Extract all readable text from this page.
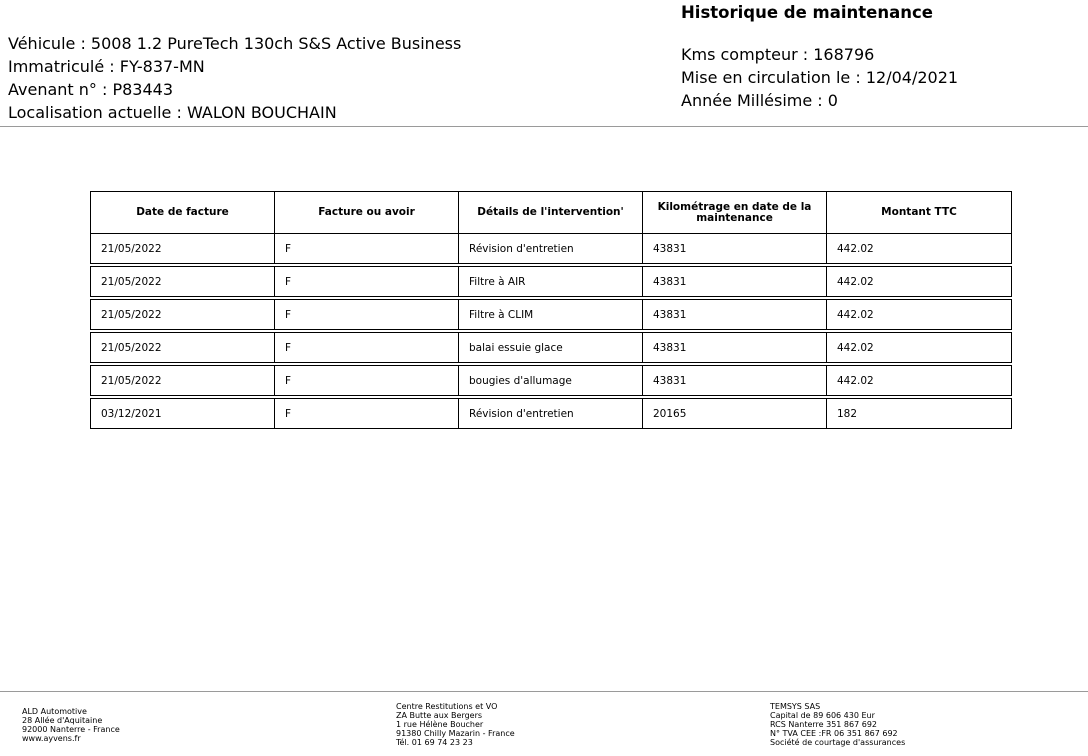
Historique de maintenance
Véhicule : 5008 1.2 PureTech 130ch S&S Active Business
Immatriculé : FY-837-MN
Avenant n° : P83443
Localisation actuelle : WALON BOUCHAIN
Kms compteur : 168796
Mise en circulation le : 12/04/2021
Année Millésime : 0
Date de facture	Facture ou avoir	Détails de l'intervention'	Kilométrage en date de la maintenance	Montant TTC
21/05/2022	F	Révision d'entretien	43831	442.02
21/05/2022	F	Filtre à AIR	43831	442.02
21/05/2022	F	Filtre à CLIM	43831	442.02
21/05/2022	F	balai essuie glace	43831	442.02
21/05/2022	F	bougies d'allumage	43831	442.02
03/12/2021	F	Révision d'entretien	20165	182
ALD Automotive
28 Allée d'Aquitaine
92000 Nanterre - France
www.ayvens.fr
Centre Restitutions et VO
ZA Butte aux Bergers
1 rue Hélène Boucher
91380 Chilly Mazarin - France
Tél. 01 69 74 23 23
TEMSYS SAS
Capital de 89 606 430 Eur
RCS Nanterre 351 867 692
N° TVA CEE :FR 06 351 867 692
Société de courtage d'assurances
